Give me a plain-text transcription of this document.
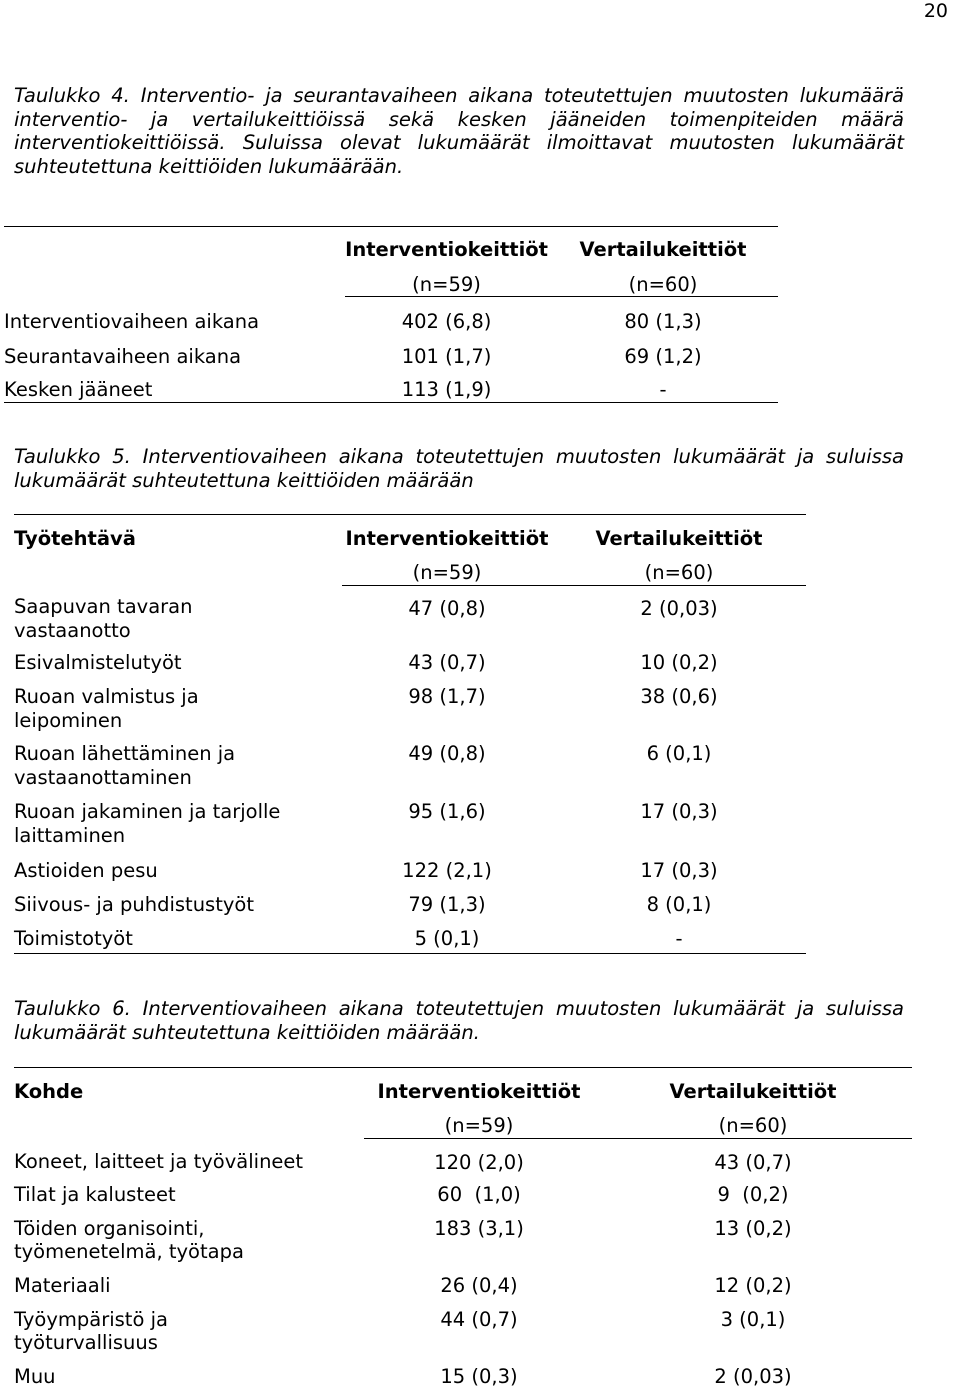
20
Taulukko 4. Interventio- ja seurantavaiheen aikana toteutettujen muutosten lukumäärä interventio- ja vertailukeittiöissä sekä kesken jääneiden toimenpiteiden määrä interventiokeittiöissä. Suluissa olevat lukumäärät ilmoittavat muutosten lukumäärät suhteutettuna keittiöiden lukumäärään.
	Interventiokeittiöt	Vertailukeittiöt
	(n=59)	(n=60)
Interventiovaiheen aikana	402 (6,8)	80 (1,3)
Seurantavaiheen aikana	101 (1,7)	69 (1,2)
Kesken jääneet	113 (1,9)	-
Taulukko 5. Interventiovaiheen aikana toteutettujen muutosten lukumäärät ja suluissa lukumäärät suhteutettuna keittiöiden määrään
Työtehtävä	Interventiokeittiöt	Vertailukeittiöt
	(n=59)	(n=60)
Saapuvan tavaran vastaanotto	47 (0,8)	2 (0,03)
Esivalmistelutyöt	43 (0,7)	10 (0,2)
Ruoan valmistus ja leipominen	98 (1,7)	38 (0,6)
Ruoan lähettäminen ja vastaanottaminen	49 (0,8)	6 (0,1)
Ruoan jakaminen ja tarjolle laittaminen	95 (1,6)	17 (0,3)
Astioiden pesu	122 (2,1)	17 (0,3)
Siivous- ja puhdistustyöt	79 (1,3)	8 (0,1)
Toimistotyöt	5 (0,1)	-
Taulukko 6. Interventiovaiheen aikana toteutettujen muutosten lukumäärät ja suluissa lukumäärät suhteutettuna keittiöiden määrään.
Kohde	Interventiokeittiöt	Vertailukeittiöt
	(n=59)	(n=60)
Koneet, laitteet ja työvälineet	120 (2,0)	43 (0,7)
Tilat ja kalusteet	60  (1,0)	9  (0,2)
Töiden organisointi, työmenetelmä, työtapa	183 (3,1)	13 (0,2)
Materiaali	26 (0,4)	12 (0,2)
Työympäristö ja työturvallisuus	44 (0,7)	3 (0,1)
Muu	15 (0,3)	2 (0,03)
